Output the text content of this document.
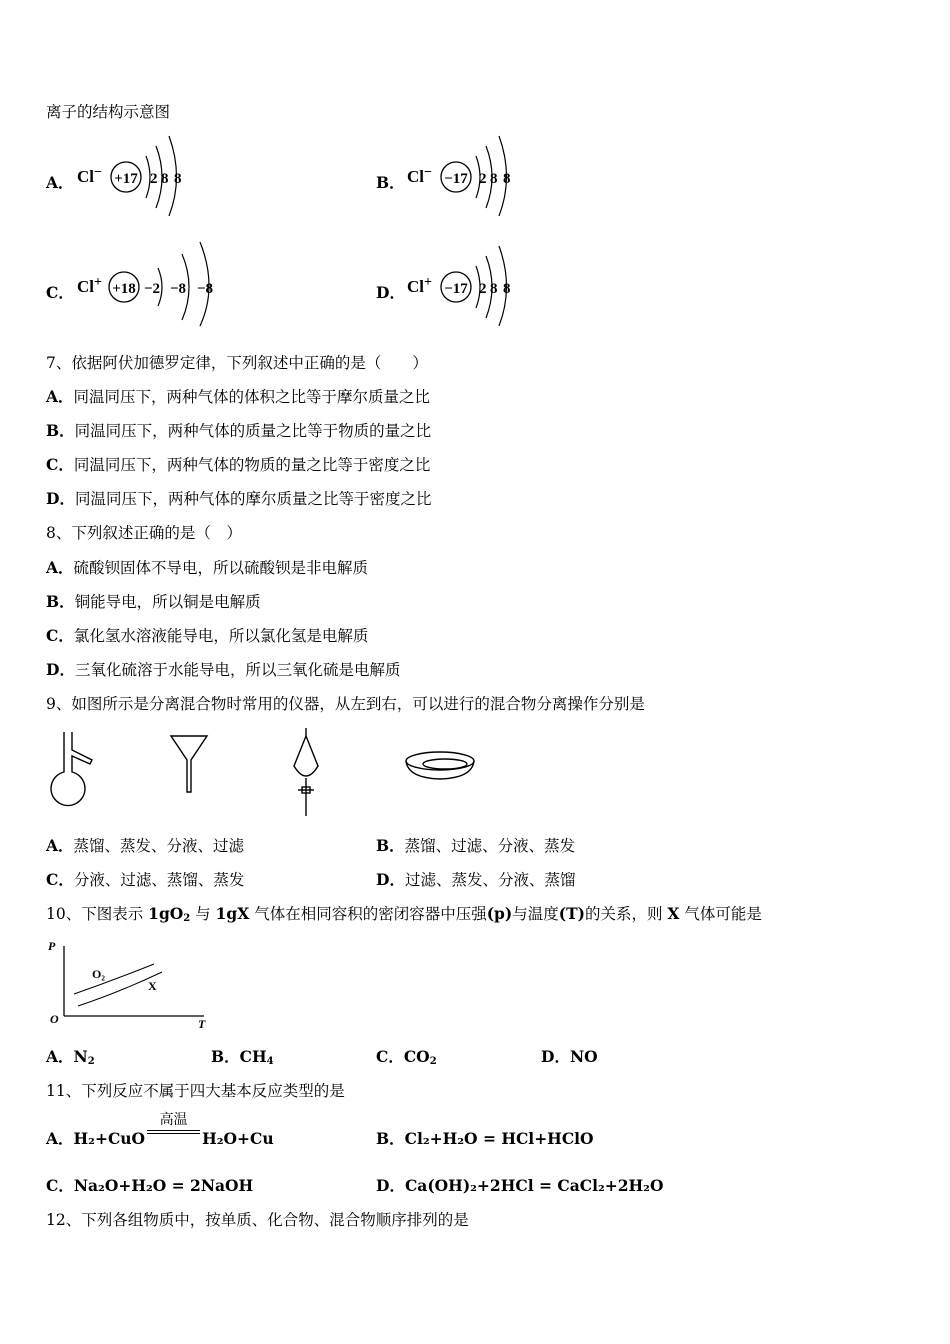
离子的结构示意图
A． Cl − +17 2 8 8	B． Cl − −17 2 8 8
C． Cl + +18 −2 −8 −8	D． Cl + −17 2 8 8
7、依据阿伏加德罗定律，下列叙述中正确的是（　　）
A．同温同压下，两种气体的体积之比等于摩尔质量之比
B．同温同压下，两种气体的质量之比等于物质的量之比
C．同温同压下，两种气体的物质的量之比等于密度之比
D．同温同压下，两种气体的摩尔质量之比等于密度之比
8、下列叙述正确的是（　）
A．硫酸钡固体不导电，所以硫酸钡是非电解质
B．铜能导电，所以铜是电解质
C．氯化氢水溶液能导电，所以氯化氢是电解质
D．三氧化硫溶于水能导电，所以三氧化硫是电解质
9、如图所示是分离混合物时常用的仪器，从左到右，可以进行的混合物分离操作分别是
A．蒸馏、蒸发、分液、过滤	B．蒸馏、过滤、分液、蒸发
C．分液、过滤、蒸馏、蒸发	D．过滤、蒸发、分液、蒸馏
10、下图表示 $1gO_2$ 与 1gX 气体在相同容积的密闭容器中压强(p)与温度(T)的关系，则 X 气体可能是
P
T
O
O₂
X
A．$N_2$	B．$CH_4$	C．$CO_2$	D．NO
11、下列反应不属于四大基本反应类型的是
A．H₂+CuO
高温
H₂O+Cu	B．Cl₂+H₂O = HCl+HClO
C．Na₂O+H₂O = 2NaOH	D．Ca(OH)₂+2HCl = CaCl₂+2H₂O
12、下列各组物质中，按单质、化合物、混合物顺序排列的是
